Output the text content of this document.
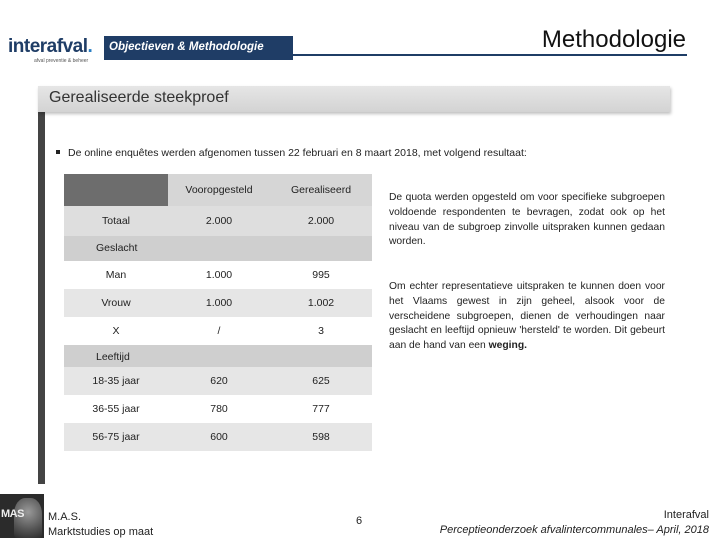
interafval.
afval preventie & beheer
Objectieven & Methodologie	Methodologie
Gerealiseerde steekproef
De online enquêtes werden afgenomen tussen 22 februari en 8 maart 2018, met volgend resultaat:
Vooropgesteld	Gerealiseerd
Totaal	2.000	2.000
Geslacht
Man	1.000	995
Vrouw	1.000	1.002
X	/	3
Leeftijd
18-35 jaar	620	625
36-55 jaar	780	777
56-75 jaar	600	598

De quota werden opgesteld om voor specifieke subgroepen voldoende respondenten te bevragen, zodat ook op het niveau van de subgroep zinvolle uitspraken kunnen gedaan worden.

Om echter representatieve uitspraken te kunnen doen voor het Vlaams gewest in zijn geheel, alsook voor de verscheidene subgroepen, dienen de verhoudingen naar geslacht en leeftijd opnieuw 'hersteld' te worden. Dit gebeurt aan de hand van een weging.

MAS M.A.S.
Marktstudies op maat
6	Interafval
Perceptieonderzoek afvalintercommunales– April, 2018
